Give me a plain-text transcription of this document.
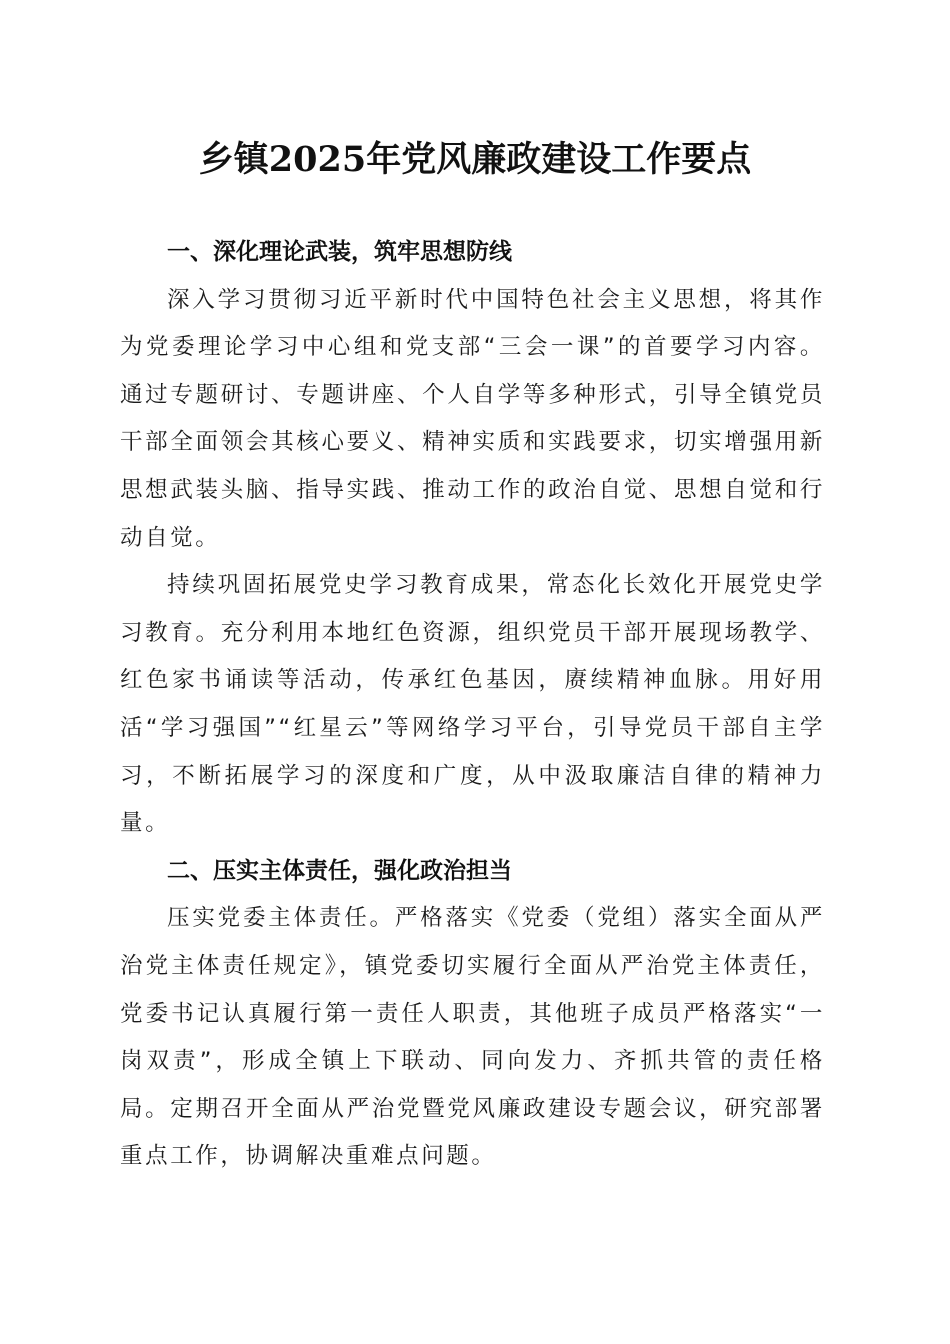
乡镇2025年党风廉政建设工作要点

一、深化理论武装，筑牢思想防线

深入学习贯彻习近平新时代中国特色社会主义思想，将其作为党委理论学习中心组和党支部“三会一课”的首要学习内容。通过专题研讨、专题讲座、个人自学等多种形式，引导全镇党员干部全面领会其核心要义、精神实质和实践要求，切实增强用新思想武装头脑、指导实践、推动工作的政治自觉、思想自觉和行动自觉。

持续巩固拓展党史学习教育成果，常态化长效化开展党史学习教育。充分利用本地红色资源，组织党员干部开展现场教学、红色家书诵读等活动，传承红色基因，赓续精神血脉。用好用活“学习强国”“红星云”等网络学习平台，引导党员干部自主学习，不断拓展学习的深度和广度，从中汲取廉洁自律的精神力量。

二、压实主体责任，强化政治担当

压实党委主体责任。严格落实《党委（党组）落实全面从严治党主体责任规定》，镇党委切实履行全面从严治党主体责任，党委书记认真履行第一责任人职责，其他班子成员严格落实“一岗双责”，形成全镇上下联动、同向发力、齐抓共管的责任格局。定期召开全面从严治党暨党风廉政建设专题会议，研究部署重点工作，协调解决重难点问题。
